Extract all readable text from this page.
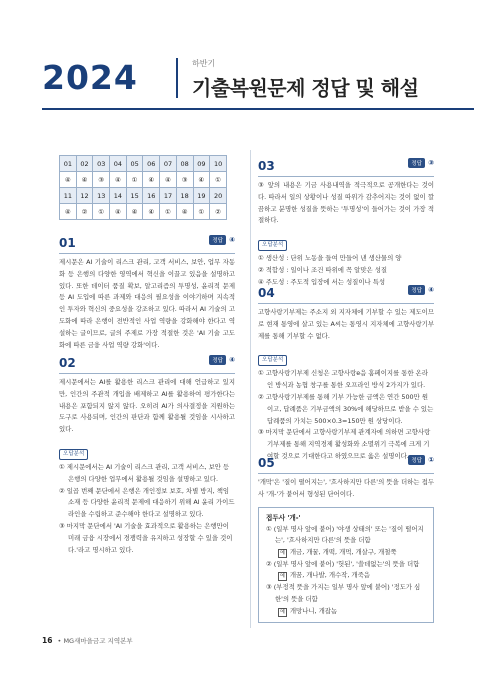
2024	하반기
기출복원문제 정답 및 해설
01	02	03	04	05	06	07	08	09	10
④	④	③	④	①	④	④	③	④	①
11	12	13	14	15	16	17	18	19	20
④	②	①	④	④	④	①	④	①	②
01	정답 ④
제시문은 AI 기술이 리스크 관리, 고객 서비스, 보안, 업무 자동화 등 은행의 다양한 영역에서 혁신을 이끌고 있음을 설명하고 있다. 또한 데이터 품질 확보, 알고리즘의 투명성, 윤리적 문제 등 AI 도입에 따른 과제와 대응의 필요성을 이야기하며 지속적인 투자와 혁신의 중요성을 강조하고 있다. 따라서 AI 기술의 고도화에 따라 은행이 전반적인 사업 역량을 강화해야 한다고 역설하는 글이므로, 글의 주제로 가장 적절한 것은 'AI 기술 고도화에 따른 금융 사업 역량 강화'이다.
02	정답 ④
제시문에서는 AI를 활용한 리스크 관리에 대해 언급하고 있지만, 인간의 주관적 개입을 배제하고 AI를 활용하여 평가한다는 내용은 포함되지 않지 않다. 오히려 AI가 의사결정을 지원하는 도구로 사용되며, 인간의 판단과 함께 활용될 것임을 시사하고 있다.
오답분석
① 제시문에서는 AI 기술이 리스크 관리, 고객 서비스, 보안 등 은행의 다양한 업무에서 활용될 것임을 설명하고 있다.
② 일곱 번째 문단에서 은행은 개인정보 보호, 차별 방지, 책임 소재 등 다양한 윤리적 문제에 대응하기 위해 AI 윤리 가이드라인을 수립하고 준수해야 한다고 설명하고 있다.
③ 마지막 문단에서 'AI 기술을 효과적으로 활용하는 은행만이 미래 금융 시장에서 경쟁력을 유지하고 성장할 수 있을 것이다.'라고 명시하고 있다.
03	정답 ③
③ 앞의 내용은 기금 사용내역을 적극적으로 공개한다는 것이다. 따라서 일의 상황이나 성질 따위가 감추어지는 것이 없이 깔끔하고 분명한 성질을 뜻하는 '투명성'이 들어가는 것이 가장 적절하다.
오답분석
① 생산성 : 단위 노동을 들여 만들어 낸 생산물의 양
② 적합성 : 일이나 조건 따위에 꼭 알맞은 성질
④ 주도성 : 주도적 입장에 서는 성질이나 특성
04	정답 ④
고향사랑기부제는 주소지 외 지자체에 기부할 수 있는 제도이므로 현재 통영에 살고 있는 A씨는 통영시 지자체에 고향사랑기부제를 통해 기부할 수 없다.
오답분석
① 고향사랑기부제 신청은 고향사랑e음 홈페이지를 통한 온라인 방식과 농협 창구를 통한 오프라인 방식 2가지가 있다.
② 고향사랑기부제를 통해 기부 가능한 금액은 연간 500만 원이고, 답례품은 기부금액의 30%에 해당하므로 받을 수 있는 답례품의 가치는 500×0.3=150만 원 상당이다.
③ 마지막 문단에서 고향사랑기부제 관계자에 의하면 고향사랑기부제를 통해 지역경제 활성화와 소멸위기 극복에 크게 기여할 것으로 기대한다고 하였으므로 옳은 설명이다.
05	정답 ①
'개막'은 '질이 떨어지는', '흐사하지만 다른'의 뜻을 더하는 접두사 '개-'가 붙어서 형성된 단어이다.
접두사 '개-'
① (일부 명사 앞에 붙어) '야생 상태의' 또는 '질이 떨어지는', '흐사하지만 다른'의 뜻을 더함
예 개금, 개꿀, 개떡, 개먹, 개살구, 개철쭉
② (일부 명사 앞에 붙어) '헛된', '쓸데없는'의 뜻을 더함
예 개꿈, 개나발, 개수작, 개죽음
③ (부정적 뜻을 가지는 일부 명사 앞에 붙어) '정도가 심한'의 뜻을 더함
예 개망나니, 개잡놈
16 • MG새마을금고 지역본부
